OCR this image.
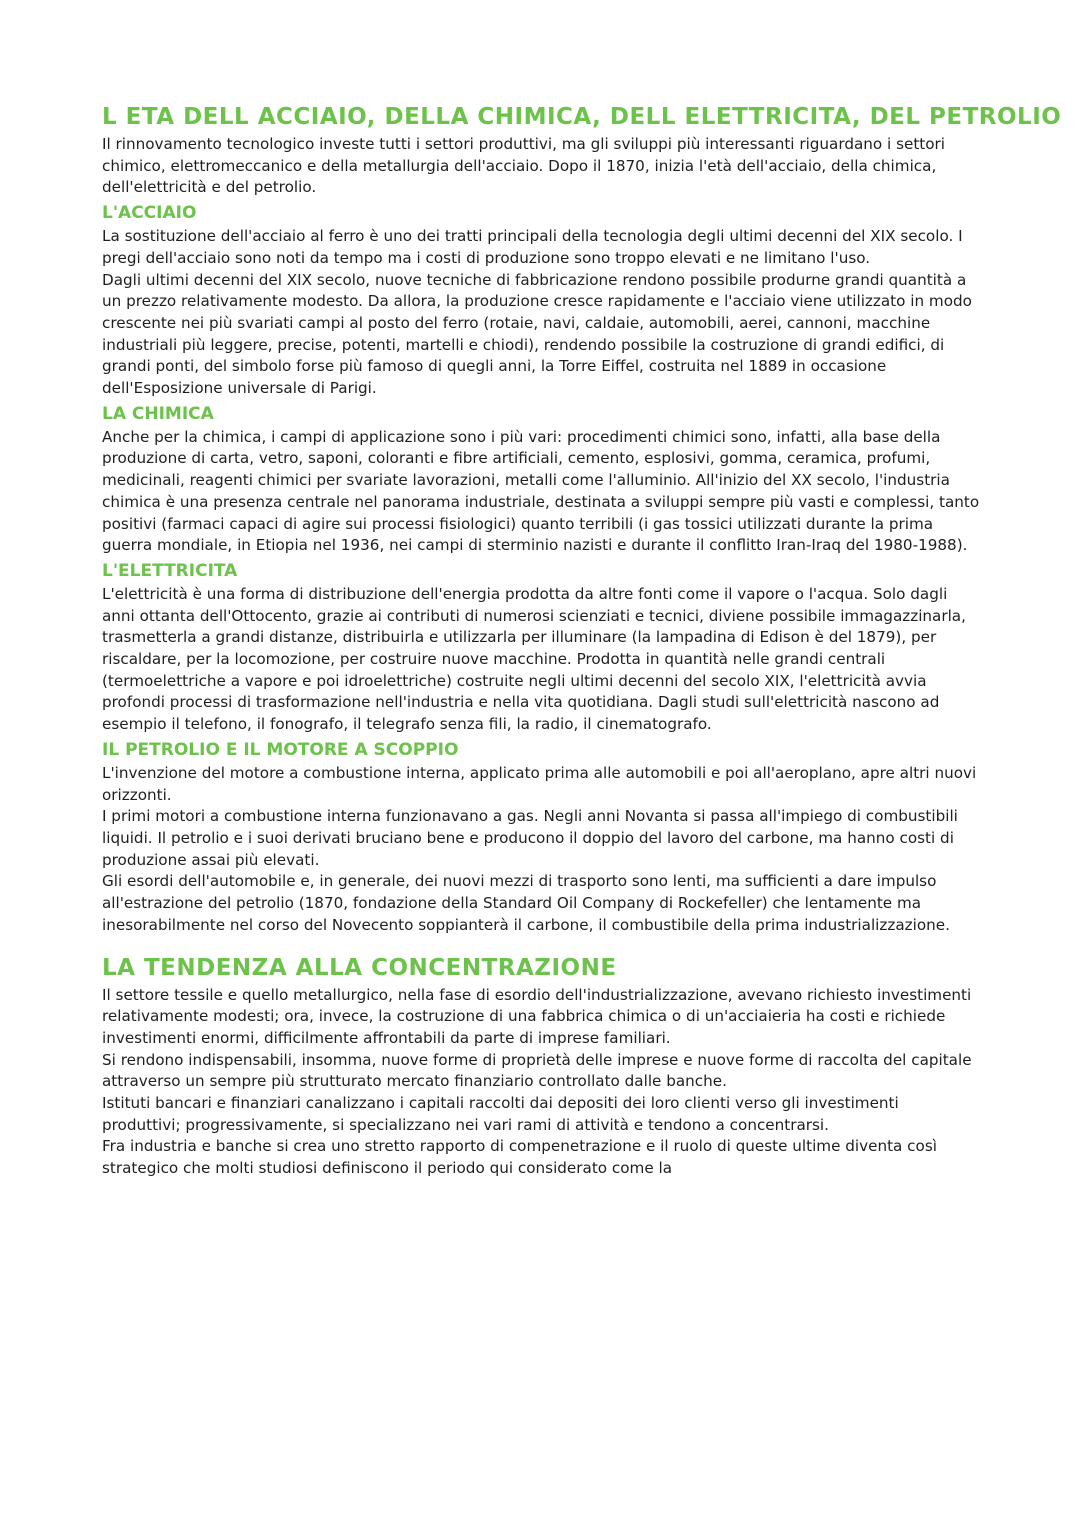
L ETA DELL ACCIAIO, DELLA CHIMICA, DELL ELETTRICITA, DEL PETROLIO

Il rinnovamento tecnologico investe tutti i settori produttivi, ma gli sviluppi più interessanti riguardano i settori chimico, elettromeccanico e della metallurgia dell'acciaio. Dopo il 1870, inizia l'età dell'acciaio, della chimica, dell'elettricità e del petrolio.

L'ACCIAIO

La sostituzione dell'acciaio al ferro è uno dei tratti principali della tecnologia degli ultimi decenni del XIX secolo. I pregi dell'acciaio sono noti da tempo ma i costi di produzione sono troppo elevati e ne limitano l'uso.

Dagli ultimi decenni del XIX secolo, nuove tecniche di fabbricazione rendono possibile produrne grandi quantità a un prezzo relativamente modesto. Da allora, la produzione cresce rapidamente e l'acciaio viene utilizzato in modo crescente nei più svariati campi al posto del ferro (rotaie, navi, caldaie, automobili, aerei, cannoni, macchine industriali più leggere, precise, potenti, martelli e chiodi), rendendo possibile la costruzione di grandi edifici, di grandi ponti, del simbolo forse più famoso di quegli anni, la Torre Eiffel, costruita nel 1889 in occasione dell'Esposizione universale di Parigi.

LA CHIMICA

Anche per la chimica, i campi di applicazione sono i più vari: procedimenti chimici sono, infatti, alla base della produzione di carta, vetro, saponi, coloranti e fibre artificiali, cemento, esplosivi, gomma, ceramica, profumi, medicinali, reagenti chimici per svariate lavorazioni, metalli come l'alluminio. All'inizio del XX secolo, l'industria chimica è una presenza centrale nel panorama industriale, destinata a sviluppi sempre più vasti e complessi, tanto positivi (farmaci capaci di agire sui processi fisiologici) quanto terribili (i gas tossici utilizzati durante la prima guerra mondiale, in Etiopia nel 1936, nei campi di sterminio nazisti e durante il conflitto Iran-Iraq del 1980-1988).

L'ELETTRICITA

L'elettricità è una forma di distribuzione dell'energia prodotta da altre fonti come il vapore o l'acqua. Solo dagli anni ottanta dell'Ottocento, grazie ai contributi di numerosi scienziati e tecnici, diviene possibile immagazzinarla, trasmetterla a grandi distanze, distribuirla e utilizzarla per illuminare (la lampadina di Edison è del 1879), per riscaldare, per la locomozione, per costruire nuove macchine. Prodotta in quantità nelle grandi centrali (termoelettriche a vapore e poi idroelettriche) costruite negli ultimi decenni del secolo XIX, l'elettricità avvia profondi processi di trasformazione nell'industria e nella vita quotidiana. Dagli studi sull'elettricità nascono ad esempio il telefono, il fonografo, il telegrafo senza fili, la radio, il cinematografo.

IL PETROLIO E IL MOTORE A SCOPPIO

L'invenzione del motore a combustione interna, applicato prima alle automobili e poi all'aeroplano, apre altri nuovi orizzonti.

I primi motori a combustione interna funzionavano a gas. Negli anni Novanta si passa all'impiego di combustibili liquidi. Il petrolio e i suoi derivati bruciano bene e producono il doppio del lavoro del carbone, ma hanno costi di produzione assai più elevati.

Gli esordi dell'automobile e, in generale, dei nuovi mezzi di trasporto sono lenti, ma sufficienti a dare impulso all'estrazione del petrolio (1870, fondazione della Standard Oil Company di Rockefeller) che lentamente ma inesorabilmente nel corso del Novecento soppianterà il carbone, il combustibile della prima industrializzazione.

LA TENDENZA ALLA CONCENTRAZIONE

Il settore tessile e quello metallurgico, nella fase di esordio dell'industrializzazione, avevano richiesto investimenti relativamente modesti; ora, invece, la costruzione di una fabbrica chimica o di un'acciaieria ha costi e richiede investimenti enormi, difficilmente affrontabili da parte di imprese familiari.

Si rendono indispensabili, insomma, nuove forme di proprietà delle imprese e nuove forme di raccolta del capitale attraverso un sempre più strutturato mercato finanziario controllato dalle banche.

Istituti bancari e finanziari canalizzano i capitali raccolti dai depositi dei loro clienti verso gli investimenti produttivi; progressivamente, si specializzano nei vari rami di attività e tendono a concentrarsi.

Fra industria e banche si crea uno stretto rapporto di compenetrazione e il ruolo di queste ultime diventa così strategico che molti studiosi definiscono il periodo qui considerato come la
